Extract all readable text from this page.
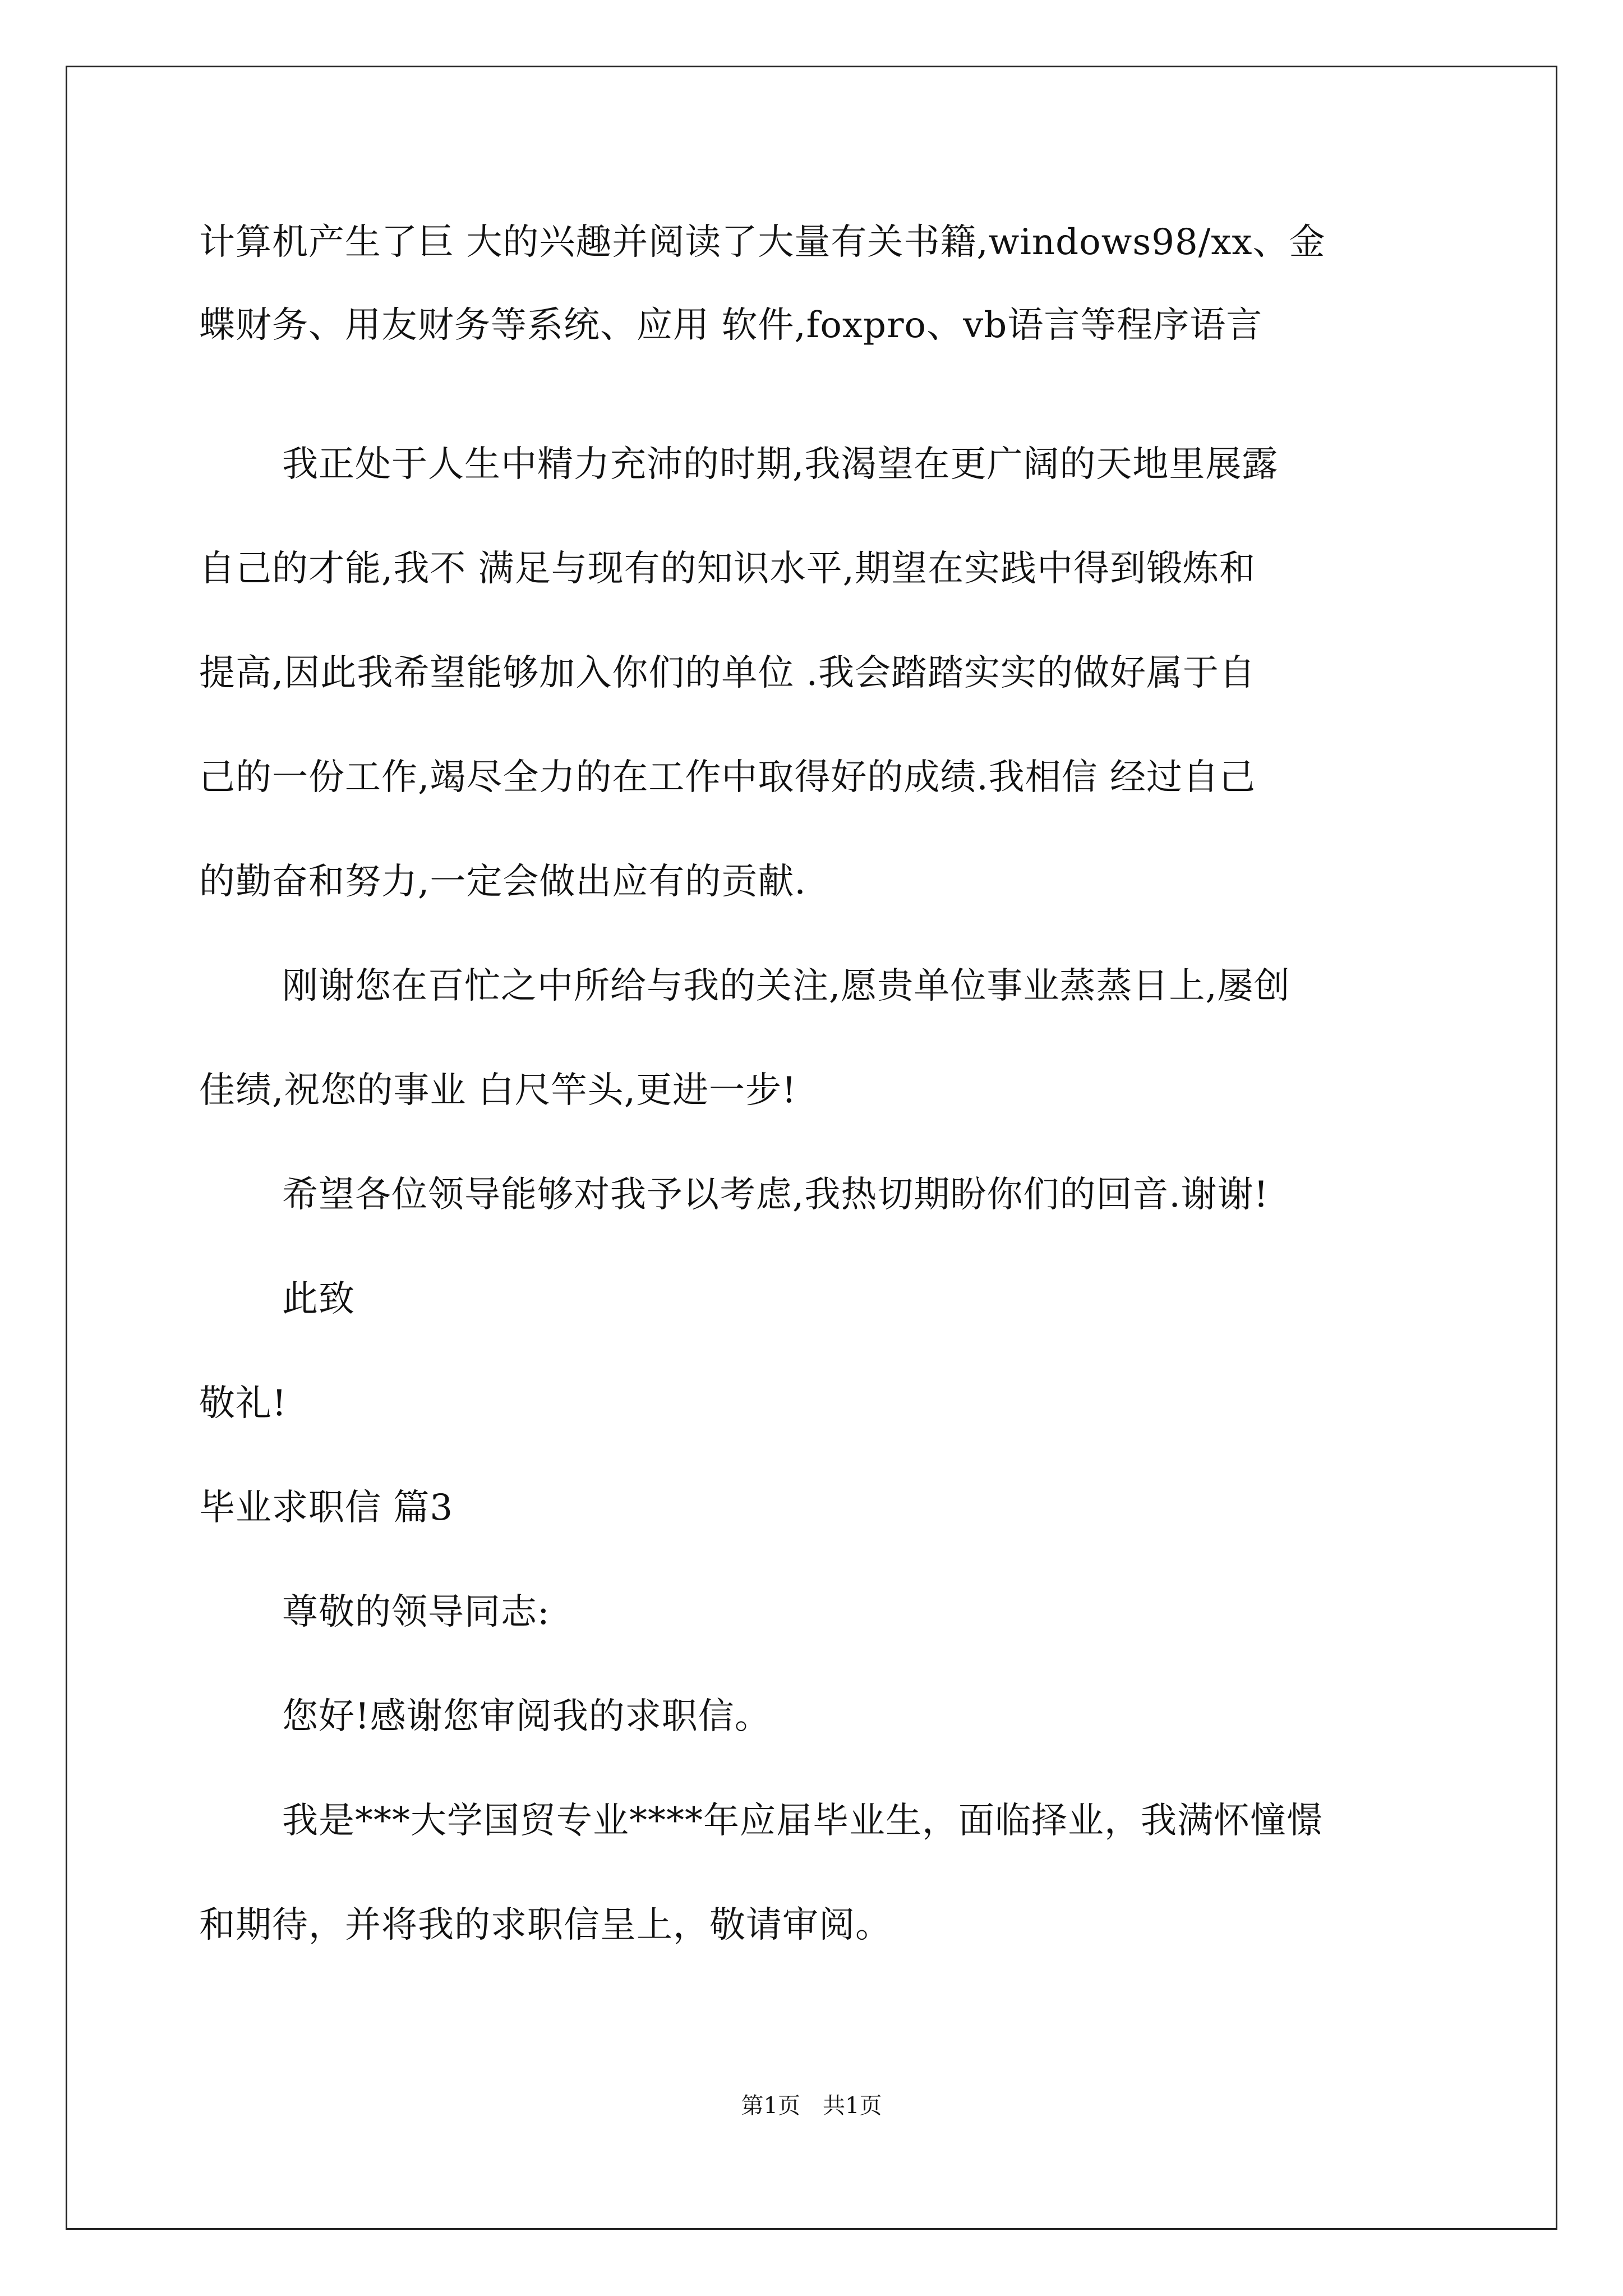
计算机产生了巨 大的兴趣并阅读了大量有关书籍,windows98/xx、金
蝶财务、用友财务等系统、应用 软件,foxpro、vb语言等程序语言
我正处于人生中精力充沛的时期,我渴望在更广阔的天地里展露
自己的才能,我不 满足与现有的知识水平,期望在实践中得到锻炼和
提高,因此我希望能够加入你们的单位 .我会踏踏实实的做好属于自
己的一份工作,竭尽全力的在工作中取得好的成绩.我相信 经过自己
的勤奋和努力,一定会做出应有的贡献.
刚谢您在百忙之中所给与我的关注,愿贵单位事业蒸蒸日上,屡创
佳绩,祝您的事业 白尺竿头,更进一步!
希望各位领导能够对我予以考虑,我热切期盼你们的回音.谢谢!
此致
敬礼!
毕业求职信 篇3
尊敬的领导同志:
您好!感谢您审阅我的求职信。
我是***大学国贸专业****年应届毕业生，面临择业，我满怀憧憬
和期待，并将我的求职信呈上，敬请审阅。
第1页　共1页
